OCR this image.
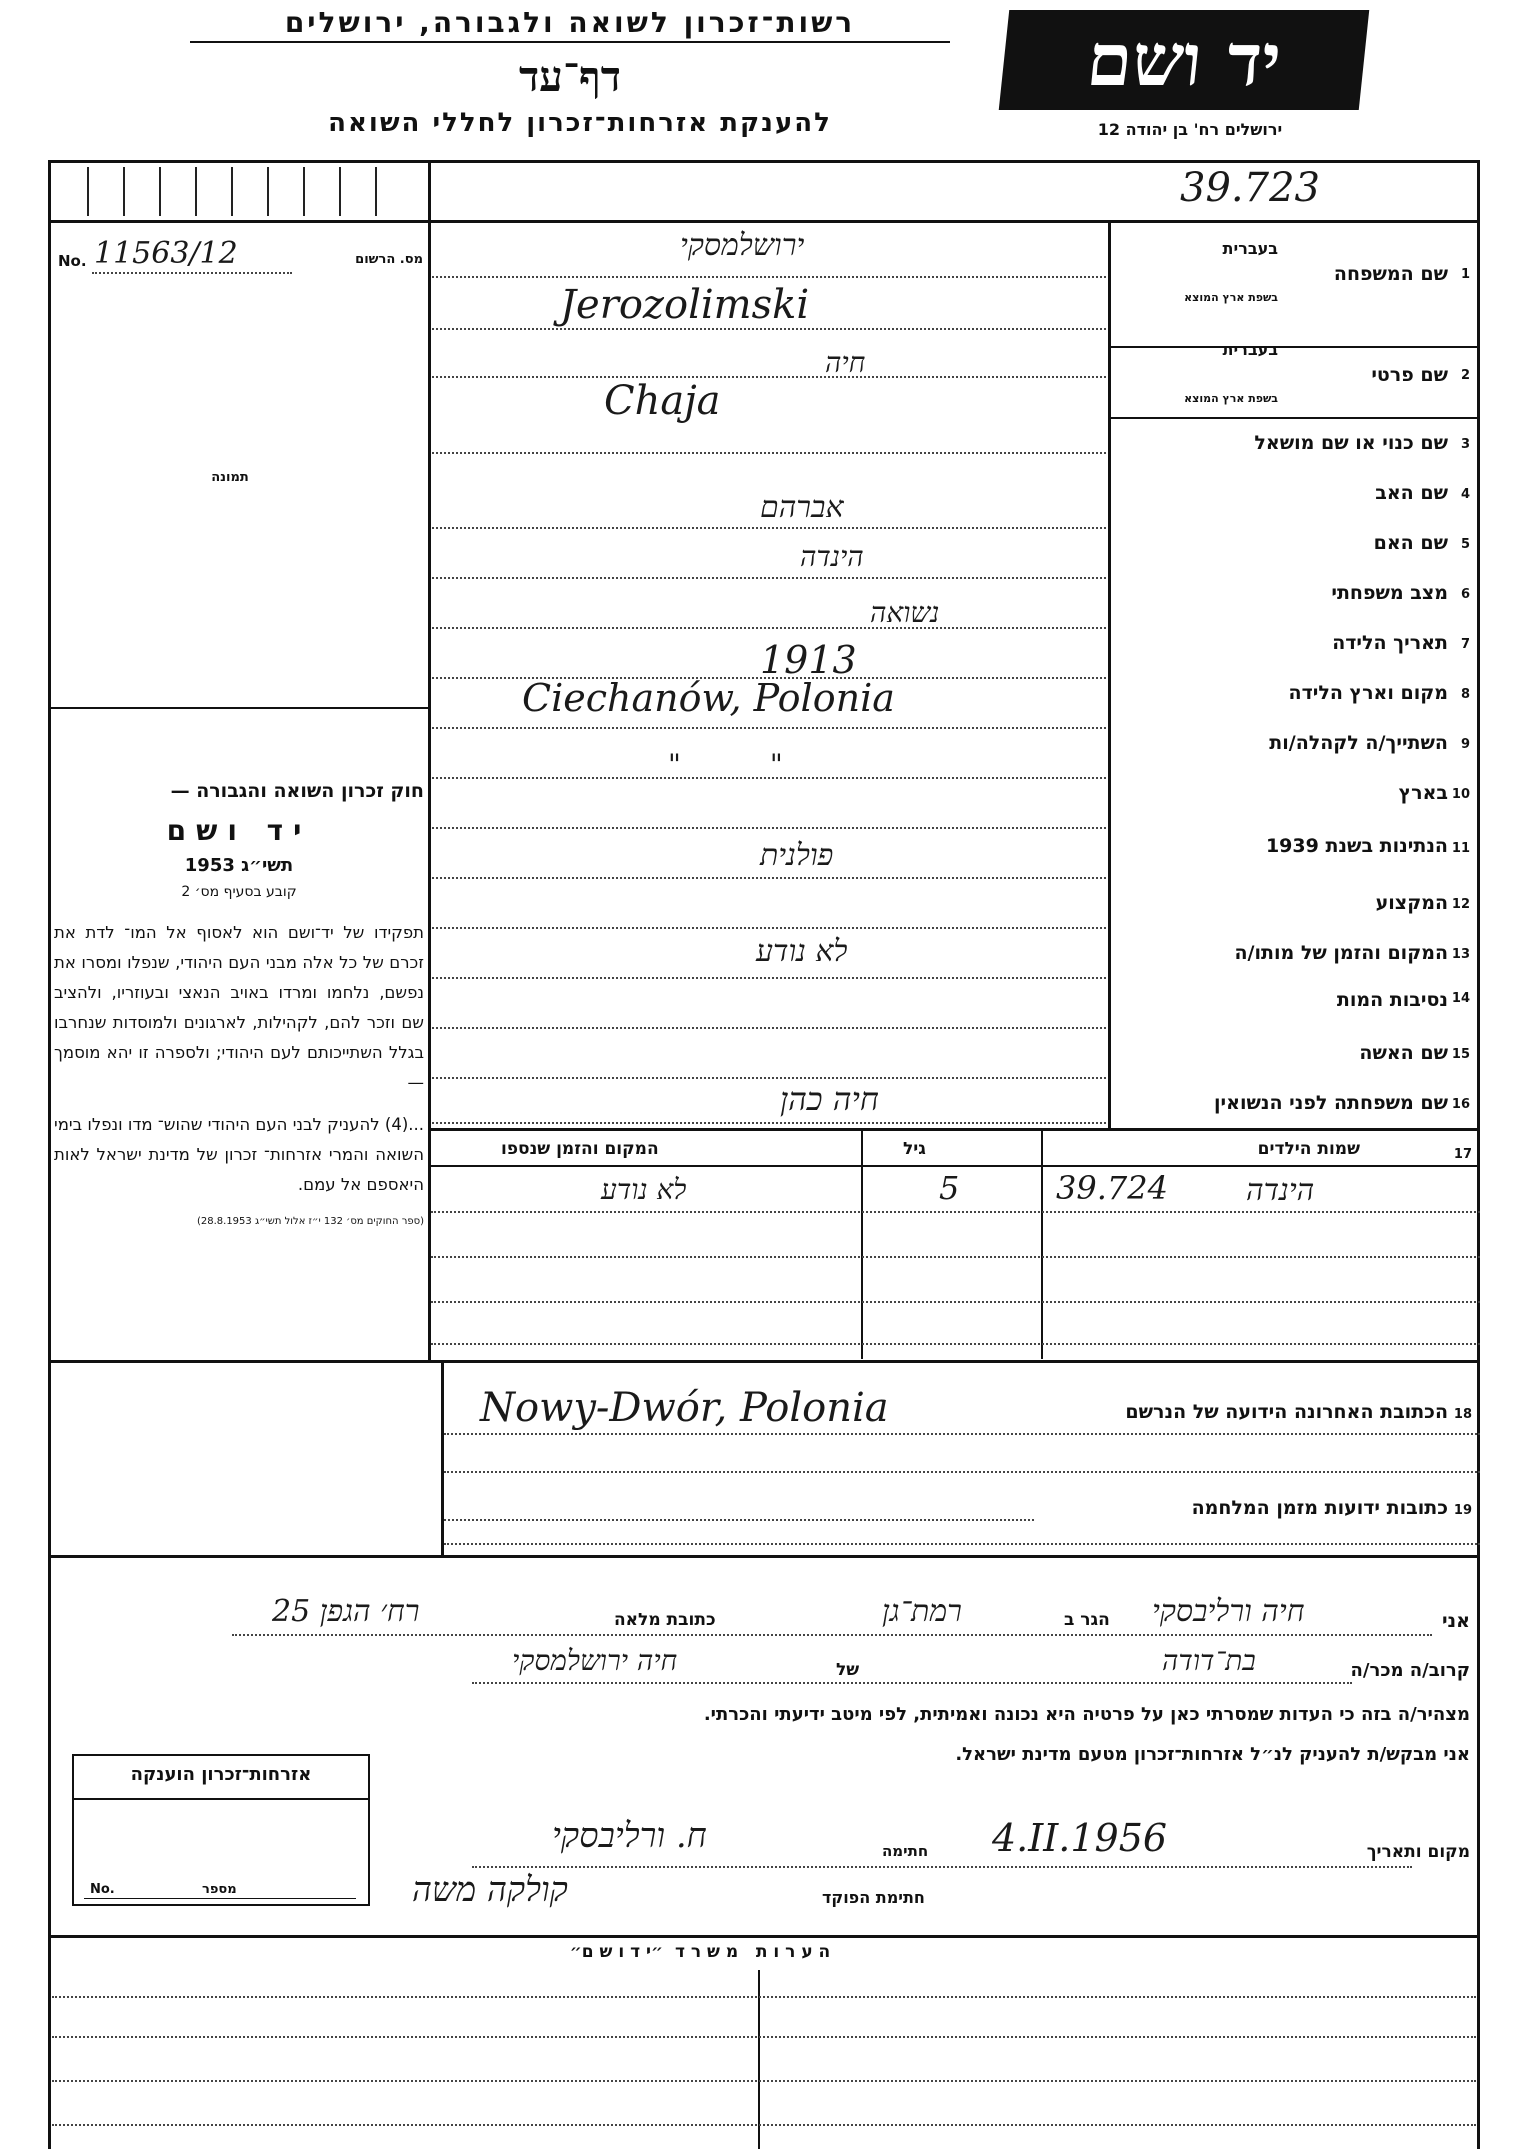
רשות־זכרון לשואה ולגבורה, ירושלים
דף־עד
להענקת אזרחות־זכרון לחללי השואה
יד ושם
ירושלים רח' בן יהודה 12
39.723
No. 11563/12	מס. הרשום
תמונה
חוק זכרון השואה והגבורה —
יד ושם
תשי״ג 1953
קובע בסעיף מס׳ 2
תפקידו של יד־ושם הוא לאסוף אל המו־ לדת את זכרם של כל אלה מבני העם היהודי, שנפלו ומסרו את נפשם, נלחמו ומרדו באויב הנאצי ובעוזריו, ולהציב שם וזכר להם, לקהילות, לארגונים ולמוסדות שנחרבו בגלל השתייכותם לעם היהודי; ולספרה זו יהא מוסמך —
...(4) להעניק לבני העם היהודי שהוש־ מדו ונפלו בימי השואה והמרי אזרחות־ זכרון של מדינת ישראל לאות היאספם אל עמם.
(ספר החוקים מס׳ 132 י״ז אלול תשי״ג 28.8.1953)
1
שם המשפחה
בעברית
בשפת ארץ המוצא
ירושלמסקי
Jerozolimski
2
שם פרטי
בעברית
בשפת ארץ המוצא
חיה
Chaja
3
שם כנוי או שם מושאל
4
שם האב
אברהם
5
שם האם
הינדה
6
מצב משפחתי
נשואה
7
תאריך הלידה
1913
8
מקום וארץ הלידה
Ciechanów, Polonia
9
השתייך/ה לקהלה/ות
"          "
10
בארץ
11
הנתינות בשנת 1939
פולנית
12
המקצוע
13
המקום והזמן של מותו/ה
לא נודע
14
נסיבות המות
15
שם האשה
16
שם משפחתה לפני הנשואין
חיה כהן
17
שמות הילדים
גיל
המקום והזמן שנספו
הינדה
39.724
5
לא נודע
18
הכתובת האחרונה הידועה של הנרשם
Nowy-Dwór, Polonia
19
כתובות ידועות מזמן המלחמה
אני
חיה ורליבסקי
הגר ב
רמת־גן
כתובת מלאה
רח׳ הגפן 25
קרוב/ה מכר/ה
בת־דודה
של
חיה ירושלמסקי
מצהיר/ה בזה כי העדות שמסרתי כאן על פרטיה היא נכונה ואמיתית, לפי מיטב ידיעתי והכרתי.
אני מבקש/ת להעניק לנ״ל אזרחות־זכרון מטעם מדינת ישראל.
מקום ותאריך
4.II.1956
חתימה
ח. ורליבסקי
חתימת הפוקד
קולקה משה
אזרחות־זכרון הוענקה
No.	מספר
ה ע ר ו ת   מ ש ר ד  ״י ד ו ש ם״
